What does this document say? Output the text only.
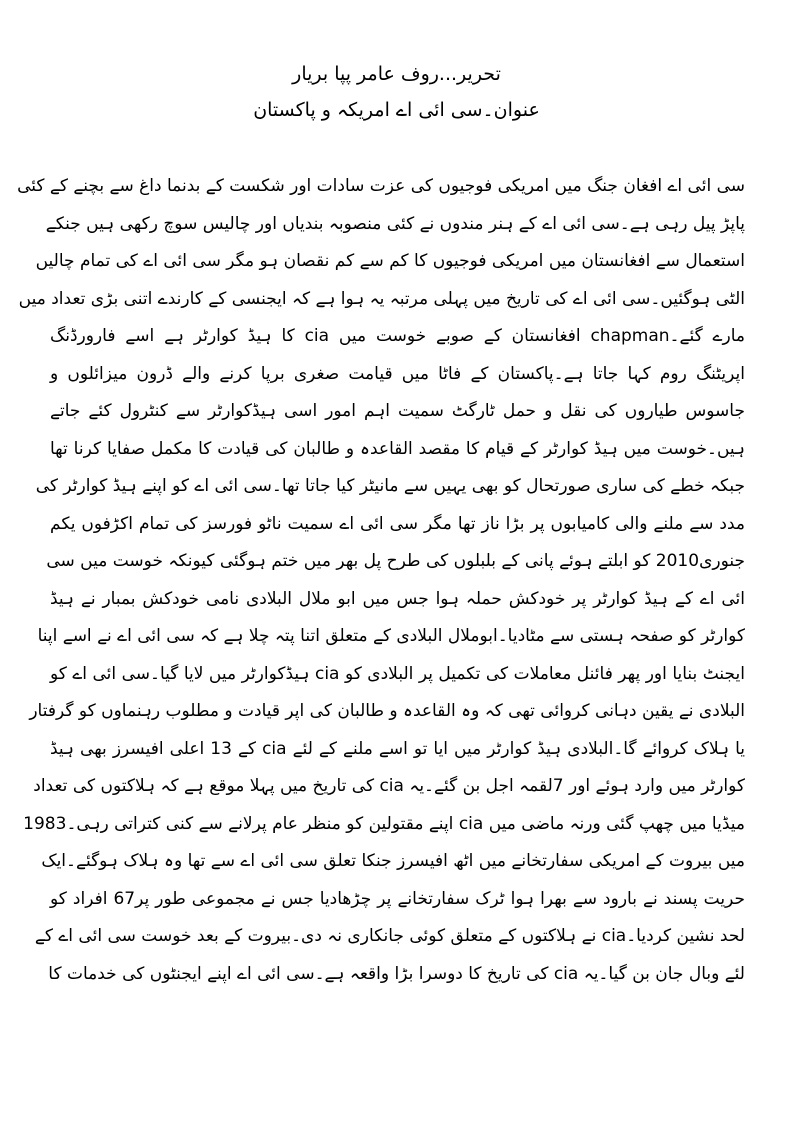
تحریر...روف عامر پپا بریار
عنوان۔سی ائی اے امریکہ و پاکستان
سی ائی اے افغان جنگ میں امریکی فوجیوں کی عزت سادات اور شکست کے بدنما داغ سے بچنے کے کئی
پاپڑ پیل رہی ہے۔سی ائی اے کے ہنر مندوں نے کئی منصوبہ بندیاں اور چالیس سوچ رکھی ہیں جنکے
استعمال سے افغانستان میں امریکی فوجیوں کا کم سے کم نقصان ہو مگر سی ائی اے کی تمام چالیں
الٹی ہوگئیں۔سی ائی اے کی تاریخ میں پہلی مرتبہ یہ ہوا ہے کہ ایجنسی کے کارندے اتنی بڑی تعداد میں
مارے گئے۔chapman افغانستان کے صوبے خوست میں cia کا ہیڈ کوارٹر ہے اسے فارورڈنگ
اپریٹنگ روم کہا جاتا ہے۔پاکستان کے فاٹا میں قیامت صغری برپا کرنے والے ڈرون میزائلوں و
جاسوس طیاروں کی نقل و حمل ٹارگٹ سمیت اہم امور اسی ہیڈکوارٹر سے کنٹرول کئے جاتے
ہیں۔خوست میں ہیڈ کوارٹر کے قیام کا مقصد القاعدہ و طالبان کی قیادت کا مکمل صفایا کرنا تھا
جبکہ خطے کی ساری صورتحال کو بھی یہیں سے مانیٹر کیا جاتا تھا۔سی ائی اے کو اپنے ہیڈ کوارٹر کی
مدد سے ملنے والی کامیابوں پر بڑا ناز تھا مگر سی ائی اے سمیت ناٹو فورسز کی تمام اکڑفوں یکم
جنوری2010 کو ابلتے ہوئے پانی کے بلبلوں کی طرح پل بھر میں ختم ہوگئی کیونکہ خوست میں سی
ائی اے کے ہیڈ کوارٹر پر خودکش حملہ ہوا جس میں ابو ملال البلادی نامی خودکش بمبار نے ہیڈ
کوارٹر کو صفحہ ہستی سے مٹادیا۔ابوملال البلادی کے متعلق اتنا پتہ چلا ہے کہ سی ائی اے نے اسے اپنا
ایجنٹ بنایا اور پھر فائنل معاملات کی تکمیل پر البلادی کو cia ہیڈکوارٹر میں لایا گیا۔سی ائی اے کو
البلادی نے یقین دہانی کروائی تھی کہ وہ القاعدہ و طالبان کی اپر قیادت و مطلوب رہنماوں کو گرفتار
یا ہلاک کروائے گا۔البلادی ہیڈ کوارٹر میں ایا تو اسے ملنے کے لئے cia کے 13 اعلی افیسرز بھی ہیڈ
کوارٹر میں وارد ہوئے اور 7لقمہ اجل بن گئے۔یہ cia کی تاریخ میں پہلا موقع ہے کہ ہلاکتوں کی تعداد
میڈیا میں چھپ گئی ورنہ ماضی میں cia اپنے مقتولین کو منظر عام پرلانے سے کنی کتراتی رہی۔1983
میں بیروت کے امریکی سفارتخانے میں اٹھ افیسرز جنکا تعلق سی ائی اے سے تھا وہ ہلاک ہوگئے۔ایک
حریت پسند نے بارود سے بھرا ہوا ٹرک سفارتخانے پر چڑھادیا جس نے مجموعی طور پر67 افراد کو
لحد نشین کردیا۔cia نے ہلاکتوں کے متعلق کوئی جانکاری نہ دی۔بیروت کے بعد خوست سی ائی اے کے
لئے وبال جان بن گیا۔یہ cia کی تاریخ کا دوسرا بڑا واقعہ ہے۔سی ائی اے اپنے ایجنٹوں کی خدمات کا
